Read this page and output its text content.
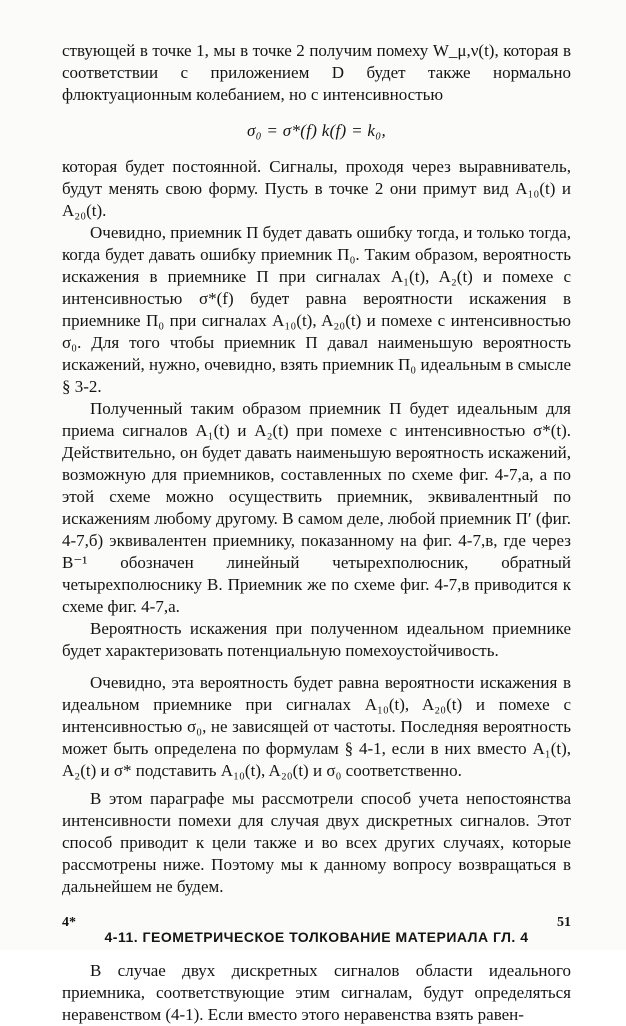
ствующей в точке 1, мы в точке 2 получим помеху W_μ,ν(t), которая в соответствии с приложением D будет также нормально флюктуационным колебанием, но с интенсивностью

σ₀ = σ*(f) k(f) = k₀,

которая будет постоянной. Сигналы, проходя через выравниватель, будут менять свою форму. Пусть в точке 2 они примут вид A₁₀(t) и A₂₀(t).

Очевидно, приемник П будет давать ошибку тогда, и только тогда, когда будет давать ошибку приемник П₀. Таким образом, вероятность искажения в приемнике П при сигналах A₁(t), A₂(t) и помехе с интенсивностью σ*(f) будет равна вероятности искажения в приемнике П₀ при сигналах A₁₀(t), A₂₀(t) и помехе с интенсивностью σ₀. Для того чтобы приемник П давал наименьшую вероятность искажений, нужно, очевидно, взять приемник П₀ идеальным в смысле § 3-2.

Полученный таким образом приемник П будет идеальным для приема сигналов A₁(t) и A₂(t) при помехе с интенсивностью σ*(t). Действительно, он будет давать наименьшую вероятность искажений, возможную для приемников, составленных по схеме фиг. 4-7,а, а по этой схеме можно осуществить приемник, эквивалентный по искажениям любому другому. В самом деле, любой приемник П′ (фиг. 4-7,б) эквивалентен приемнику, показанному на фиг. 4-7,в, где через B⁻¹ обозначен линейный четырехполюсник, обратный четырехполюснику B. Приемник же по схеме фиг. 4-7,в приводится к схеме фиг. 4-7,а.

Вероятность искажения при полученном идеальном приемнике будет характеризовать потенциальную помехоустойчивость.

Очевидно, эта вероятность будет равна вероятности искажения в идеальном приемнике при сигналах A₁₀(t), A₂₀(t) и помехе с интенсивностью σ₀, не зависящей от частоты. Последняя вероятность может быть определена по формулам § 4-1, если в них вместо A₁(t), A₂(t) и σ* подставить A₁₀(t), A₂₀(t) и σ₀ соответственно.

В этом параграфе мы рассмотрели способ учета непостоянства интенсивности помехи для случая двух дискретных сигналов. Этот способ приводит к цели также и во всех других случаях, которые рассмотрены ниже. Поэтому мы к данному вопросу возвращаться в дальнейшем не будем.

4-11. ГЕОМЕТРИЧЕСКОЕ ТОЛКОВАНИЕ МАТЕРИАЛА ГЛ. 4

В случае двух дискретных сигналов области идеального приемника, соответствующие этим сигналам, будут определяться неравенством (4-1). Если вместо этого неравенства взять равен-

4*	51
